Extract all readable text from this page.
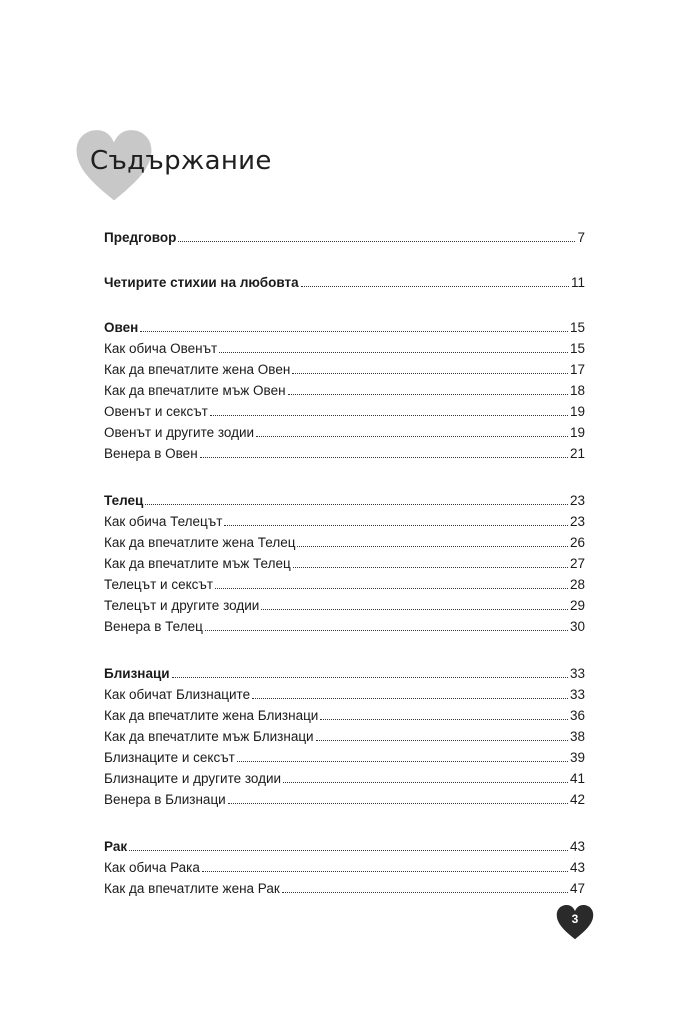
Съдържание
Предговор	7
Четирите стихии на любовта	11
Овен	15
Как обича Овенът	15
Как да впечатлите жена Овен	17
Как да впечатлите мъж Овен	18
Овенът и сексът	19
Овенът и другите зодии	19
Венера в Овен	21
Телец	23
Как обича Телецът	23
Как да впечатлите жена Телец	26
Как да впечатлите мъж Телец	27
Телецът и сексът	28
Телецът и другите зодии	29
Венера в Телец	30
Близнаци	33
Как обичат Близнаците	33
Как да впечатлите жена Близнаци	36
Как да впечатлите мъж Близнаци	38
Близнаците и сексът	39
Близнаците и другите зодии	41
Венера в Близнаци	42
Рак	43
Как обича Рака	43
Как да впечатлите жена Рак	47
3
